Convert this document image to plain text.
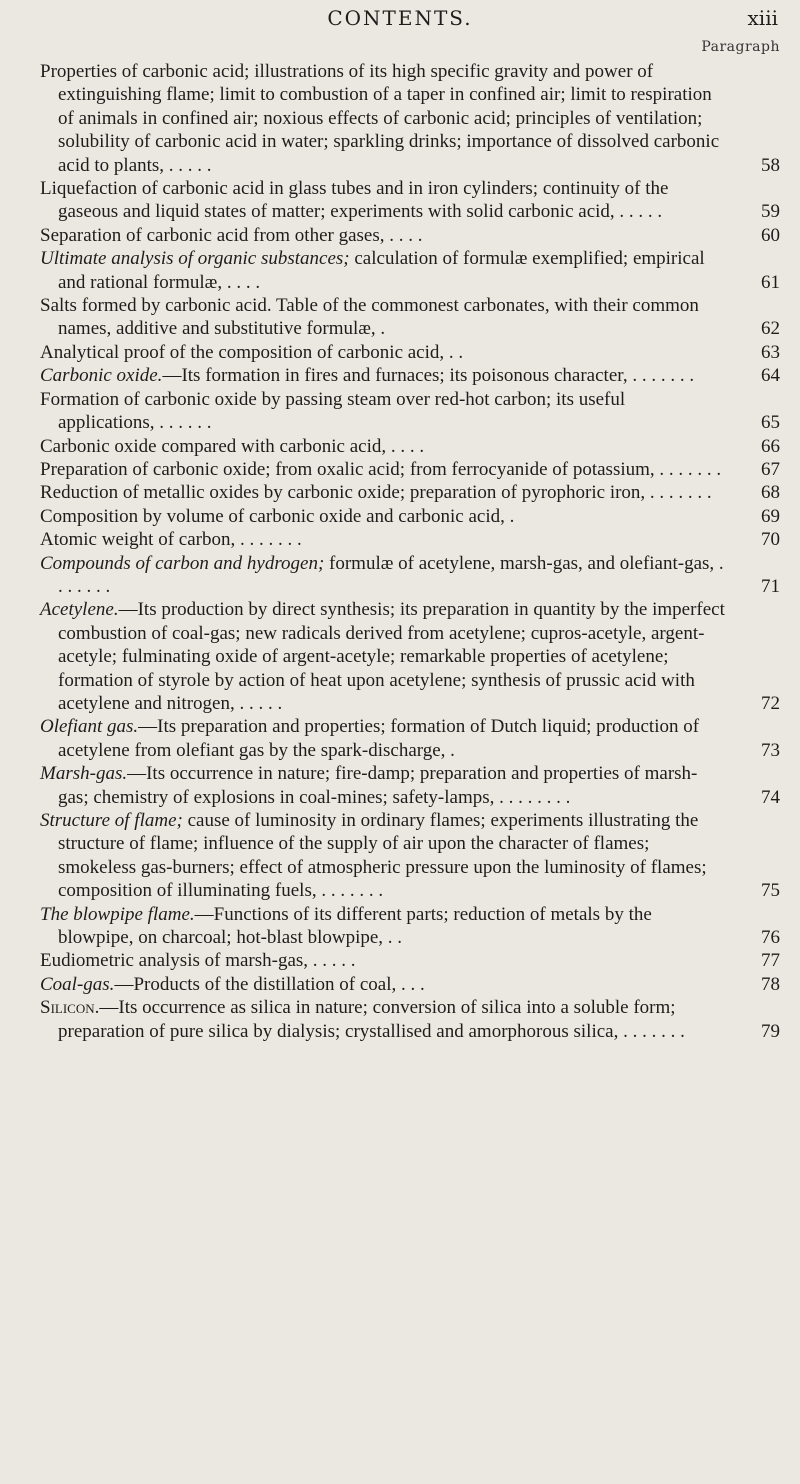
CONTENTS.	xiii
Paragraph

Properties of carbonic acid; illustrations of its high specific gravity and power of extinguishing flame; limit to combustion of a taper in confined air; limit to respiration of animals in confined air; noxious effects of carbonic acid; principles of ventilation; solubility of carbonic acid in water; sparkling drinks; importance of dissolved carbonic acid to plants, . . . . .	58

Liquefaction of carbonic acid in glass tubes and in iron cylinders; continuity of the gaseous and liquid states of matter; experiments with solid carbonic acid, . . . . .	59

Separation of carbonic acid from other gases, . . . .	60

Ultimate analysis of organic substances; calculation of formulæ exemplified; empirical and rational formulæ, . . . .	61

Salts formed by carbonic acid. Table of the commonest carbonates, with their common names, additive and substitutive formulæ, .	62

Analytical proof of the composition of carbonic acid, . .	63

Carbonic oxide.—Its formation in fires and furnaces; its poisonous character, . . . . . . .	64

Formation of carbonic oxide by passing steam over red-hot carbon; its useful applications, . . . . . .	65

Carbonic oxide compared with carbonic acid, . . . .	66

Preparation of carbonic oxide; from oxalic acid; from ferrocyanide of potassium, . . . . . . .	67

Reduction of metallic oxides by carbonic oxide; preparation of pyrophoric iron, . . . . . . .	68

Composition by volume of carbonic oxide and carbonic acid, .	69

Atomic weight of carbon, . . . . . . .	70

Compounds of carbon and hydrogen; formulæ of acetylene, marsh-gas, and olefiant-gas, . . . . . . .	71

Acetylene.—Its production by direct synthesis; its preparation in quantity by the imperfect combustion of coal-gas; new radicals derived from acetylene; cupros-acetyle, argent-acetyle; fulminating oxide of argent-acetyle; remarkable properties of acetylene; formation of styrole by action of heat upon acetylene; synthesis of prussic acid with acetylene and nitrogen, . . . . .	72

Olefiant gas.—Its preparation and properties; formation of Dutch liquid; production of acetylene from olefiant gas by the spark-discharge, .	73

Marsh-gas.—Its occurrence in nature; fire-damp; preparation and properties of marsh-gas; chemistry of explosions in coal-mines; safety-lamps, . . . . . . . .	74

Structure of flame; cause of luminosity in ordinary flames; experiments illustrating the structure of flame; influence of the supply of air upon the character of flames; smokeless gas-burners; effect of atmospheric pressure upon the luminosity of flames; composition of illuminating fuels, . . . . . . .	75

The blowpipe flame.—Functions of its different parts; reduction of metals by the blowpipe, on charcoal; hot-blast blowpipe, . .	76

Eudiometric analysis of marsh-gas, . . . . .	77

Coal-gas.—Products of the distillation of coal, . . .	78

Silicon.—Its occurrence as silica in nature; conversion of silica into a soluble form; preparation of pure silica by dialysis; crystallised and amorphorous silica, . . . . . . .	79
